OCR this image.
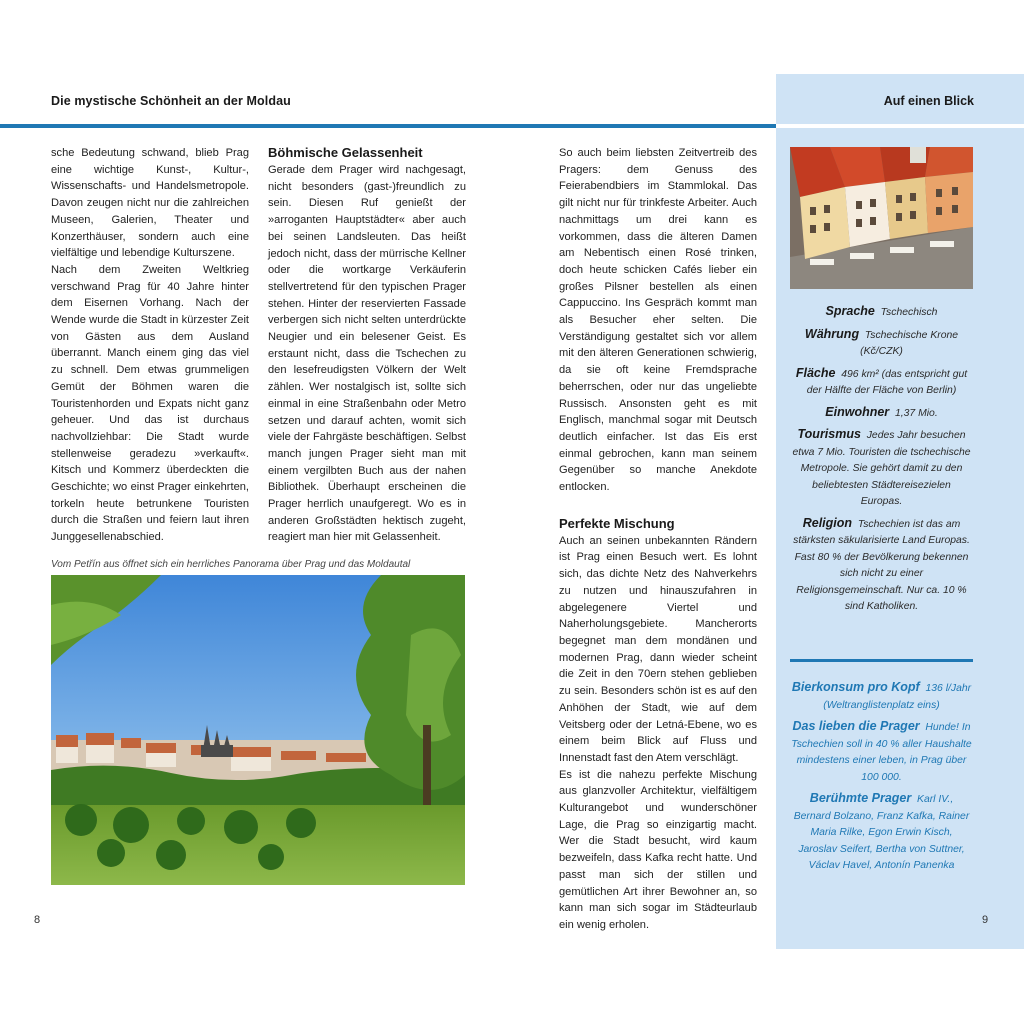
Die mystische Schönheit an der Moldau	Auf einen Blick

sche Bedeutung schwand, blieb Prag eine wichtige Kunst-, Kultur-, Wissenschafts- und Handelsmetropole. Davon zeugen nicht nur die zahlreichen Museen, Galerien, Theater und Konzerthäuser, sondern auch eine vielfältige und lebendige Kulturszene.

Nach dem Zweiten Weltkrieg verschwand Prag für 40 Jahre hinter dem Eisernen Vorhang. Nach der Wende wurde die Stadt in kürzester Zeit von Gästen aus dem Ausland überrannt. Manch einem ging das viel zu schnell. Dem etwas grummeligen Gemüt der Böhmen waren die Touristenhorden und Expats nicht ganz geheuer. Und das ist durchaus nachvollziehbar: Die Stadt wurde stellenweise geradezu »verkauft«. Kitsch und Kommerz überdeckten die Geschichte; wo einst Prager einkehrten, torkeln heute betrunkene Touristen durch die Straßen und feiern laut ihren Junggesellenabschied.

Böhmische Gelassenheit

Gerade dem Prager wird nachgesagt, nicht besonders (gast-)freundlich zu sein. Diesen Ruf genießt der »arroganten Hauptstädter« aber auch bei seinen Landsleuten. Das heißt jedoch nicht, dass der mürrische Kellner oder die wortkarge Verkäuferin stellvertretend für den typischen Prager stehen. Hinter der reservierten Fassade verbergen sich nicht selten unterdrückte Neugier und ein belesener Geist. Es erstaunt nicht, dass die Tschechen zu den lesefreudigsten Völkern der Welt zählen. Wer nostalgisch ist, sollte sich einmal in eine Straßenbahn oder Metro setzen und darauf achten, womit sich viele der Fahrgäste beschäftigen. Selbst manch jungen Prager sieht man mit einem vergilbten Buch aus der nahen Bibliothek. Überhaupt erscheinen die Prager herrlich unaufgeregt. Wo es in anderen Großstädten hektisch zugeht, reagiert man hier mit Gelassenheit.

So auch beim liebsten Zeitvertreib des Pragers: dem Genuss des Feierabendbiers im Stammlokal. Das gilt nicht nur für trinkfeste Arbeiter. Auch nachmittags um drei kann es vorkommen, dass die älteren Damen am Nebentisch einen Rosé trinken, doch heute schicken Cafés lieber ein großes Pilsner bestellen als einen Cappuccino. Ins Gespräch kommt man als Besucher eher selten. Die Verständigung gestaltet sich vor allem mit den älteren Generationen schwierig, da sie oft keine Fremdsprache beherrschen, oder nur das ungeliebte Russisch. Ansonsten geht es mit Englisch, manchmal sogar mit Deutsch deutlich einfacher. Ist das Eis erst einmal gebrochen, kann man seinem Gegenüber so manche Anekdote entlocken.

Perfekte Mischung

Auch an seinen unbekannten Rändern ist Prag einen Besuch wert. Es lohnt sich, das dichte Netz des Nahverkehrs zu nutzen und hinauszufahren in abgelegenere Viertel und Naherholungsgebiete. Mancherorts begegnet man dem mondänen und modernen Prag, dann wieder scheint die Zeit in den 70ern stehen geblieben zu sein. Besonders schön ist es auf den Anhöhen der Stadt, wie auf dem Veitsberg oder der Letná-Ebene, wo es einem beim Blick auf Fluss und Innenstadt fast den Atem verschlägt.

Es ist die nahezu perfekte Mischung aus glanzvoller Architektur, vielfältigem Kulturangebot und wunderschöner Lage, die Prag so einzigartig macht. Wer die Stadt besucht, wird kaum bezweifeln, dass Kafka recht hatte. Und passt man sich der stillen und gemütlichen Art ihrer Bewohner an, so kann man sich sogar im Städteurlaub ein wenig erholen.

Vom Petřín aus öffnet sich ein herrliches Panorama über Prag und das Moldautal
Sprache Tschechisch
Währung Tschechische Krone (Kč/CZK)
Fläche 496 km² (das entspricht gut der Hälfte der Fläche von Berlin)
Einwohner 1,37 Mio.
Tourismus Jedes Jahr besuchen etwa 7 Mio. Touristen die tschechische Metropole. Sie gehört damit zu den beliebtesten Städtereisezielen Europas.
Religion Tschechien ist das am stärksten säkularisierte Land Europas. Fast 80 % der Bevölkerung bekennen sich nicht zu einer Religionsgemeinschaft. Nur ca. 10 % sind Katholiken.
Bierkonsum pro Kopf 136 l/Jahr (Weltranglistenplatz eins)
Das lieben die Prager Hunde! In Tschechien soll in 40 % aller Haushalte mindestens einer leben, in Prag über 100 000.
Berühmte Prager Karl IV., Bernard Bolzano, Franz Kafka, Rainer Maria Rilke, Egon Erwin Kisch, Jaroslav Seifert, Bertha von Suttner, Václav Havel, Antonín Panenka
8	9
